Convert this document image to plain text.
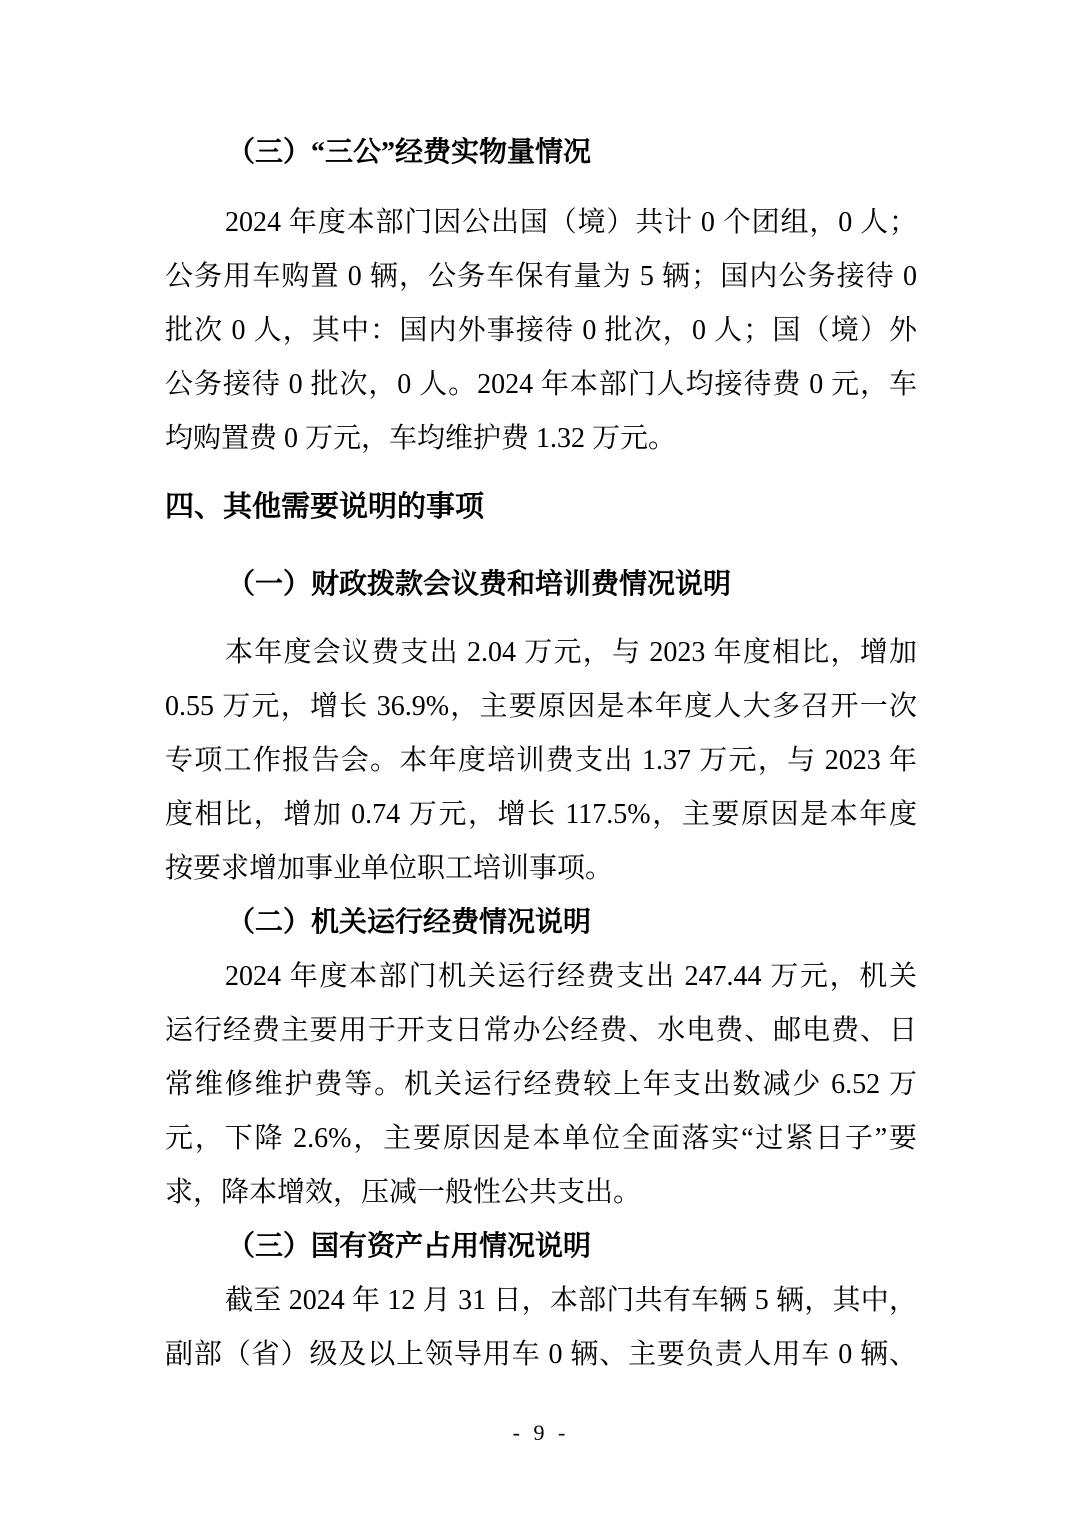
（三）“三公”经费实物量情况
2024 年度本部门因公出国（境）共计 0 个团组，0 人；
公务用车购置 0 辆，公务车保有量为 5 辆；国内公务接待 0
批次 0 人，其中：国内外事接待 0 批次，0 人；国（境）外
公务接待 0 批次，0 人。2024 年本部门人均接待费 0 元，车
均购置费 0 万元，车均维护费 1.32 万元。
四、其他需要说明的事项
（一）财政拨款会议费和培训费情况说明
本年度会议费支出 2.04 万元，与 2023 年度相比，增加
0.55 万元，增长 36.9%，主要原因是本年度人大多召开一次
专项工作报告会。本年度培训费支出 1.37 万元，与 2023 年
度相比，增加 0.74 万元，增长 117.5%，主要原因是本年度
按要求增加事业单位职工培训事项。
（二）机关运行经费情况说明
2024 年度本部门机关运行经费支出 247.44 万元，机关
运行经费主要用于开支日常办公经费、水电费、邮电费、日
常维修维护费等。机关运行经费较上年支出数减少 6.52 万
元，下降 2.6%，主要原因是本单位全面落实“过紧日子”要
求，降本增效，压减一般性公共支出。
（三）国有资产占用情况说明
截至 2024 年 12 月 31 日，本部门共有车辆 5 辆，其中，
副部（省）级及以上领导用车 0 辆、主要负责人用车 0 辆、
- 9 -
